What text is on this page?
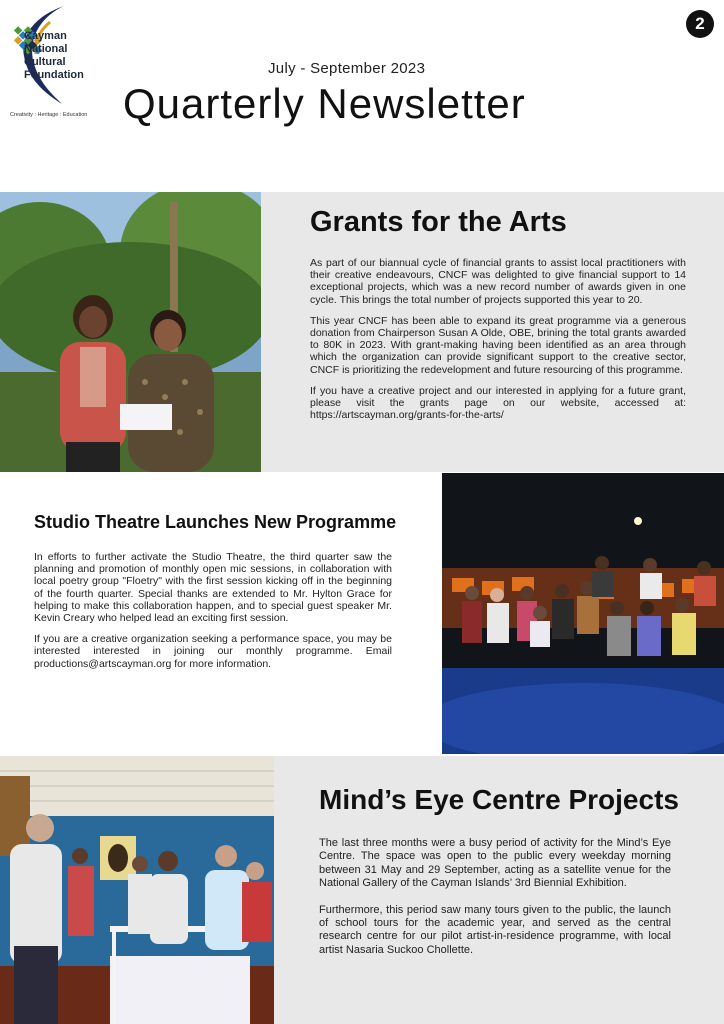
Cayman
National
Cultural
Foundation
Creativity : Heritage : Education
2
July - September 2023
Quarterly Newsletter
Grants for the Arts

As part of our biannual cycle of financial grants to assist local practitioners with their creative endeavours, CNCF was delighted to give financial support to 14 exceptional projects, which was a new record number of awards given in one cycle. This brings the total number of projects supported this year to 20.

This year CNCF has been able to expand its great programme via a generous donation from Chairperson Susan A Olde, OBE, brining the total grants awarded to 80K in 2023. With grant-making having been identified as an area through which the organization can provide significant support to the creative sector, CNCF is prioritizing the redevelopment and future resourcing of this programme.

If you have a creative project and our interested in applying for a future grant, please visit the grants page on our website, accessed at: https://artscayman.org/grants-for-the-arts/

Studio Theatre Launches New Programme

In efforts to further activate the Studio Theatre, the third quarter saw the planning and promotion of monthly open mic sessions, in collaboration with local poetry group "Floetry" with the first session kicking off in the beginning of the fourth quarter. Special thanks are extended to Mr. Hylton Grace for helping to make this collaboration happen, and to special guest speaker Mr. Kevin Creary who helped lead an exciting first session.

If you are a creative organization seeking a performance space, you may be interested interested in joining our monthly programme. Email productions@artscayman.org for more information.

Mind’s Eye Centre Projects

The last three months were a busy period of activity for the Mind’s Eye Centre. The space was open to the public every weekday morning between 31 May and 29 September, acting as a satellite venue for the National Gallery of the Cayman Islands’ 3rd Biennial Exhibition.

Furthermore, this period saw many tours given to the public, the launch of school tours for the academic year, and served as the central research centre for our pilot artist-in-residence programme, with local artist Nasaria Suckoo Chollette.
